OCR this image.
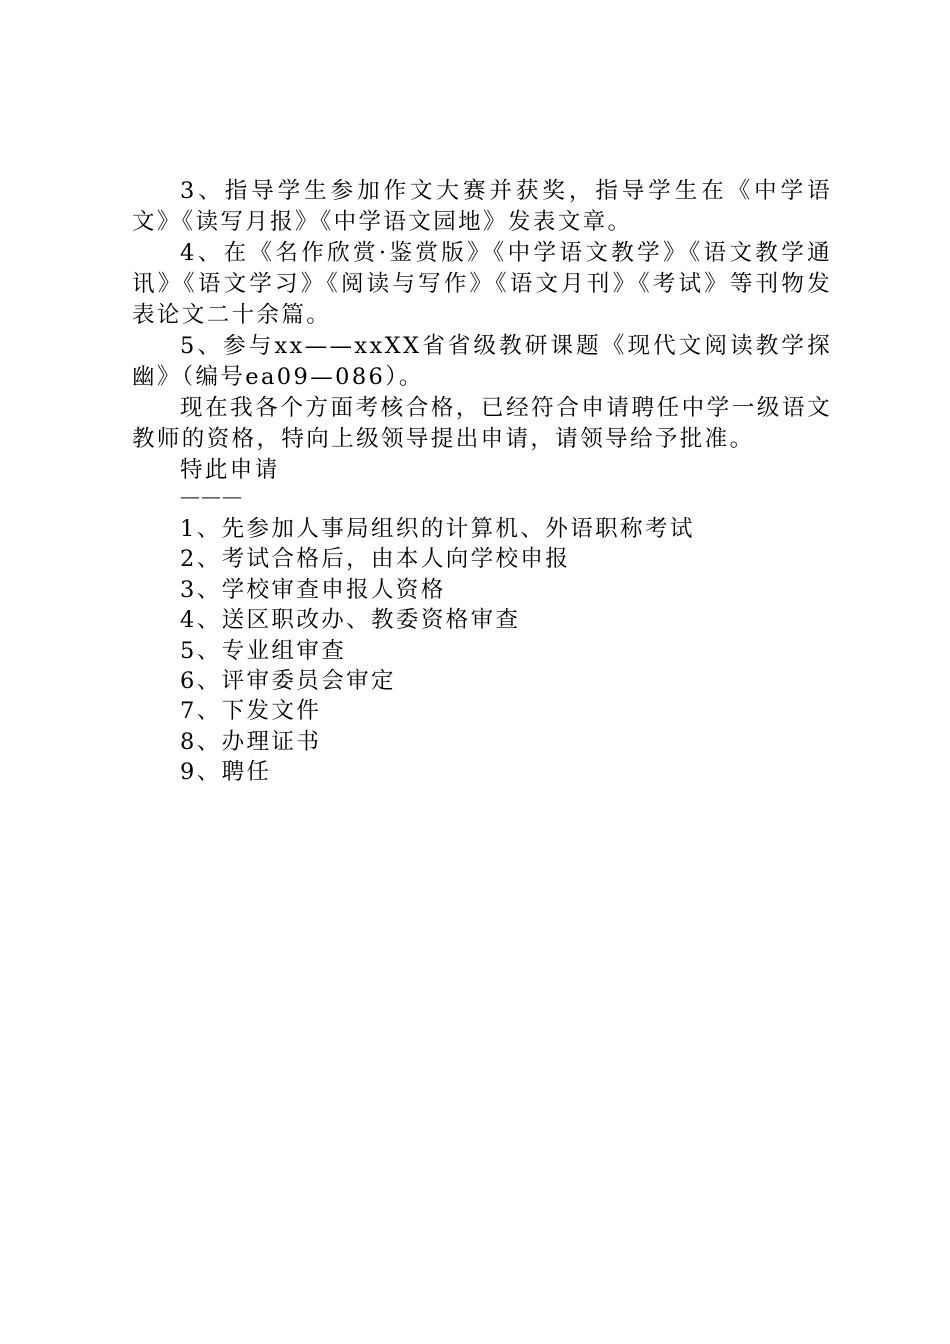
3、指导学生参加作文大赛并获奖，指导学生在《中学语文》《读写月报》《中学语文园地》发表文章。

4、在《名作欣赏·鉴赏版》《中学语文教学》《语文教学通讯》《语文学习》《阅读与写作》《语文月刊》《考试》等刊物发表论文二十余篇。

5、参与xx——xxXX省省级教研课题《现代文阅读教学探幽》（编号ea09—086）。

现在我各个方面考核合格，已经符合申请聘任中学一级语文教师的资格，特向上级领导提出申请，请领导给予批准。

特此申请

———

1、先参加人事局组织的计算机、外语职称考试
2、考试合格后，由本人向学校申报
3、学校审查申报人资格
4、送区职改办、教委资格审查
5、专业组审查
6、评审委员会审定
7、下发文件
8、办理证书
9、聘任
